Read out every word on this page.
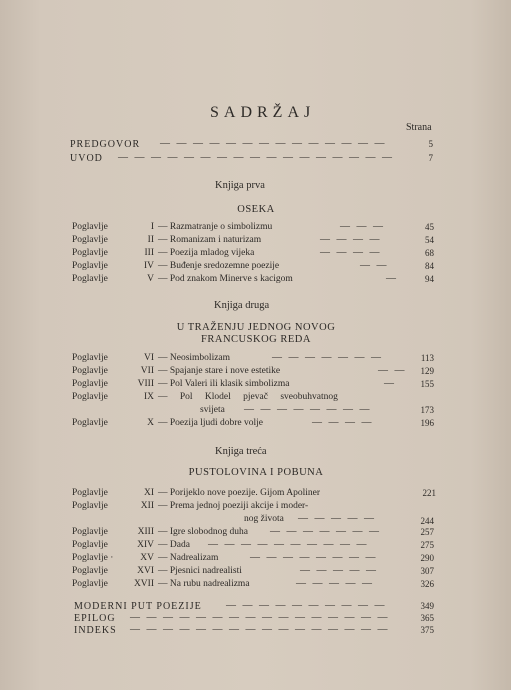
SADRŽAJ
Strana
PREDGOVOR — — — — — — — — — — — — — —	5
UVOD — — — — — — — — — — — — — — — — —	7
Knjiga prva
OSEKA
Poglavlje	I — Razmatranje o simbolizmu	— — —	45
Poglavlje	II — Romanizam i naturizam	— — — —	54
Poglavlje	III — Poezija mladog vijeka	— — — —	68
Poglavlje	IV — Buđenje sredozemne poezije	— —	84
Poglavlje	V — Pod znakom Minerve s kacigom	—	94
Knjiga druga
U TRAŽENJU JEDNOG NOVOG
FRANCUSKOG REDA
Poglavlje	VI — Neosimbolizam	— — — — — — —	113
Poglavlje	VII — Spajanje stare i nove estetike	— —	129
Poglavlje	VIII — Pol Valeri ili klasik simbolizma	—	155
Poglavlje	IX — Pol Klodel pjevač sveobuhvatnog
svijeta — — — — — — — —	173
Poglavlje	X — Poezija ljudi dobre volje	— — — —	196
Knjiga treća
PUSTOLOVINA I POBUNA
Poglavlje	XI — Porijeklo nove poezije. Gijom Apoliner	221
Poglavlje	XII — Prema jednoj poeziji akcije i moder-
nog života — — — — —	244
Poglavlje	XIII — Igre slobodnog duha — — — — — — —	257
Poglavlje	XIV — Dada — — — — — — — — — —	275
Poglavlje ·	XV — Nadrealizam	— — — — — — — —	290
Poglavlje	XVI — Pjesnici nadrealisti	— — — — —	307
Poglavlje	XVII — Na rubu nadrealizma	— — — — —	326
MODERNI PUT POEZIJE — — — — — — — — — —	349
EPILOG — — — — — — — — — — — — — — — —	365
INDEKS — — — — — — — — — — — — — — — —	375
